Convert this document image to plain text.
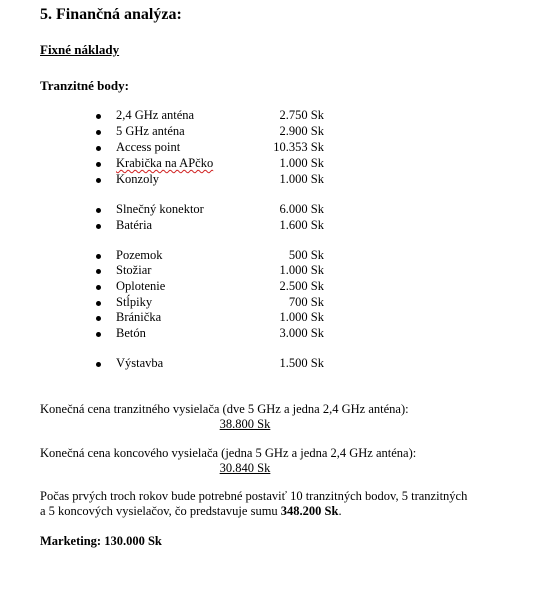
5. Finančná analýza:
Fixné náklady
Tranzitné body:
2,4 GHz anténa	2.750 Sk
5 GHz anténa	2.900 Sk
Access point	10.353 Sk
Krabička na APčko	1.000 Sk
Konzoly	1.000 Sk
Slnečný konektor	6.000 Sk
Batéria	1.600 Sk
Pozemok	500 Sk
Stožiar	1.000 Sk
Oplotenie	2.500 Sk
Stĺpiky	700 Sk
Bránička	1.000 Sk
Betón	3.000 Sk
Výstavba	1.500 Sk
Konečná cena tranzitného vysielača (dve 5 GHz a jedna 2,4 GHz anténa):
38.800 Sk
Konečná cena koncového vysielača (jedna 5 GHz a jedna 2,4 GHz anténa):
30.840 Sk
Počas prvých troch rokov bude potrebné postaviť 10 tranzitných bodov, 5 tranzitných
a 5 koncových vysielačov, čo predstavuje sumu 348.200 Sk.
Marketing: 130.000 Sk
